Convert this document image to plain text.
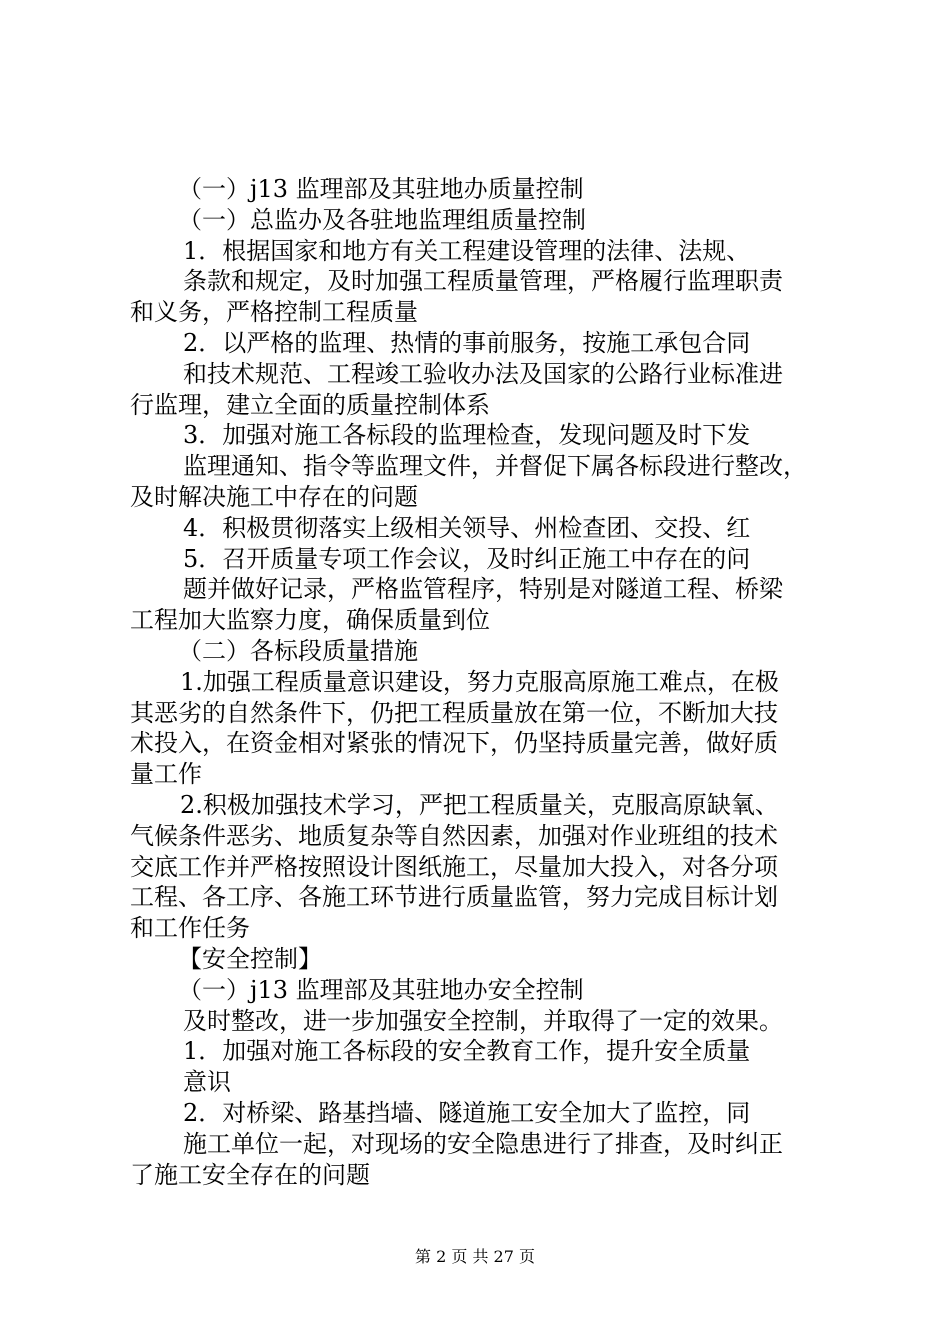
（一）j13 监理部及其驻地办质量控制
（一）总监办及各驻地监理组质量控制
1．根据国家和地方有关工程建设管理的法律、法规、
条款和规定，及时加强工程质量管理，严格履行监理职责
和义务，严格控制工程质量
2．以严格的监理、热情的事前服务，按施工承包合同
和技术规范、工程竣工验收办法及国家的公路行业标准进
行监理，建立全面的质量控制体系
3．加强对施工各标段的监理检查，发现问题及时下发
监理通知、指令等监理文件，并督促下属各标段进行整改，
及时解决施工中存在的问题
4．积极贯彻落实上级相关领导、州检查团、交投、红
5．召开质量专项工作会议，及时纠正施工中存在的问
题并做好记录，严格监管程序，特别是对隧道工程、桥梁
工程加大监察力度，确保质量到位
（二）各标段质量措施
1.加强工程质量意识建设，努力克服高原施工难点，在极
其恶劣的自然条件下，仍把工程质量放在第一位，不断加大技
术投入，在资金相对紧张的情况下，仍坚持质量完善，做好质
量工作
2.积极加强技术学习，严把工程质量关，克服高原缺氧、
气候条件恶劣、地质复杂等自然因素，加强对作业班组的技术
交底工作并严格按照设计图纸施工，尽量加大投入，对各分项
工程、各工序、各施工环节进行质量监管，努力完成目标计划
和工作任务
【安全控制】
（一）j13 监理部及其驻地办安全控制
及时整改，进一步加强安全控制，并取得了一定的效果。
1．加强对施工各标段的安全教育工作，提升安全质量
意识
2．对桥梁、路基挡墙、隧道施工安全加大了监控，同
施工单位一起，对现场的安全隐患进行了排查，及时纠正
了施工安全存在的问题
第 2 页 共 27 页
